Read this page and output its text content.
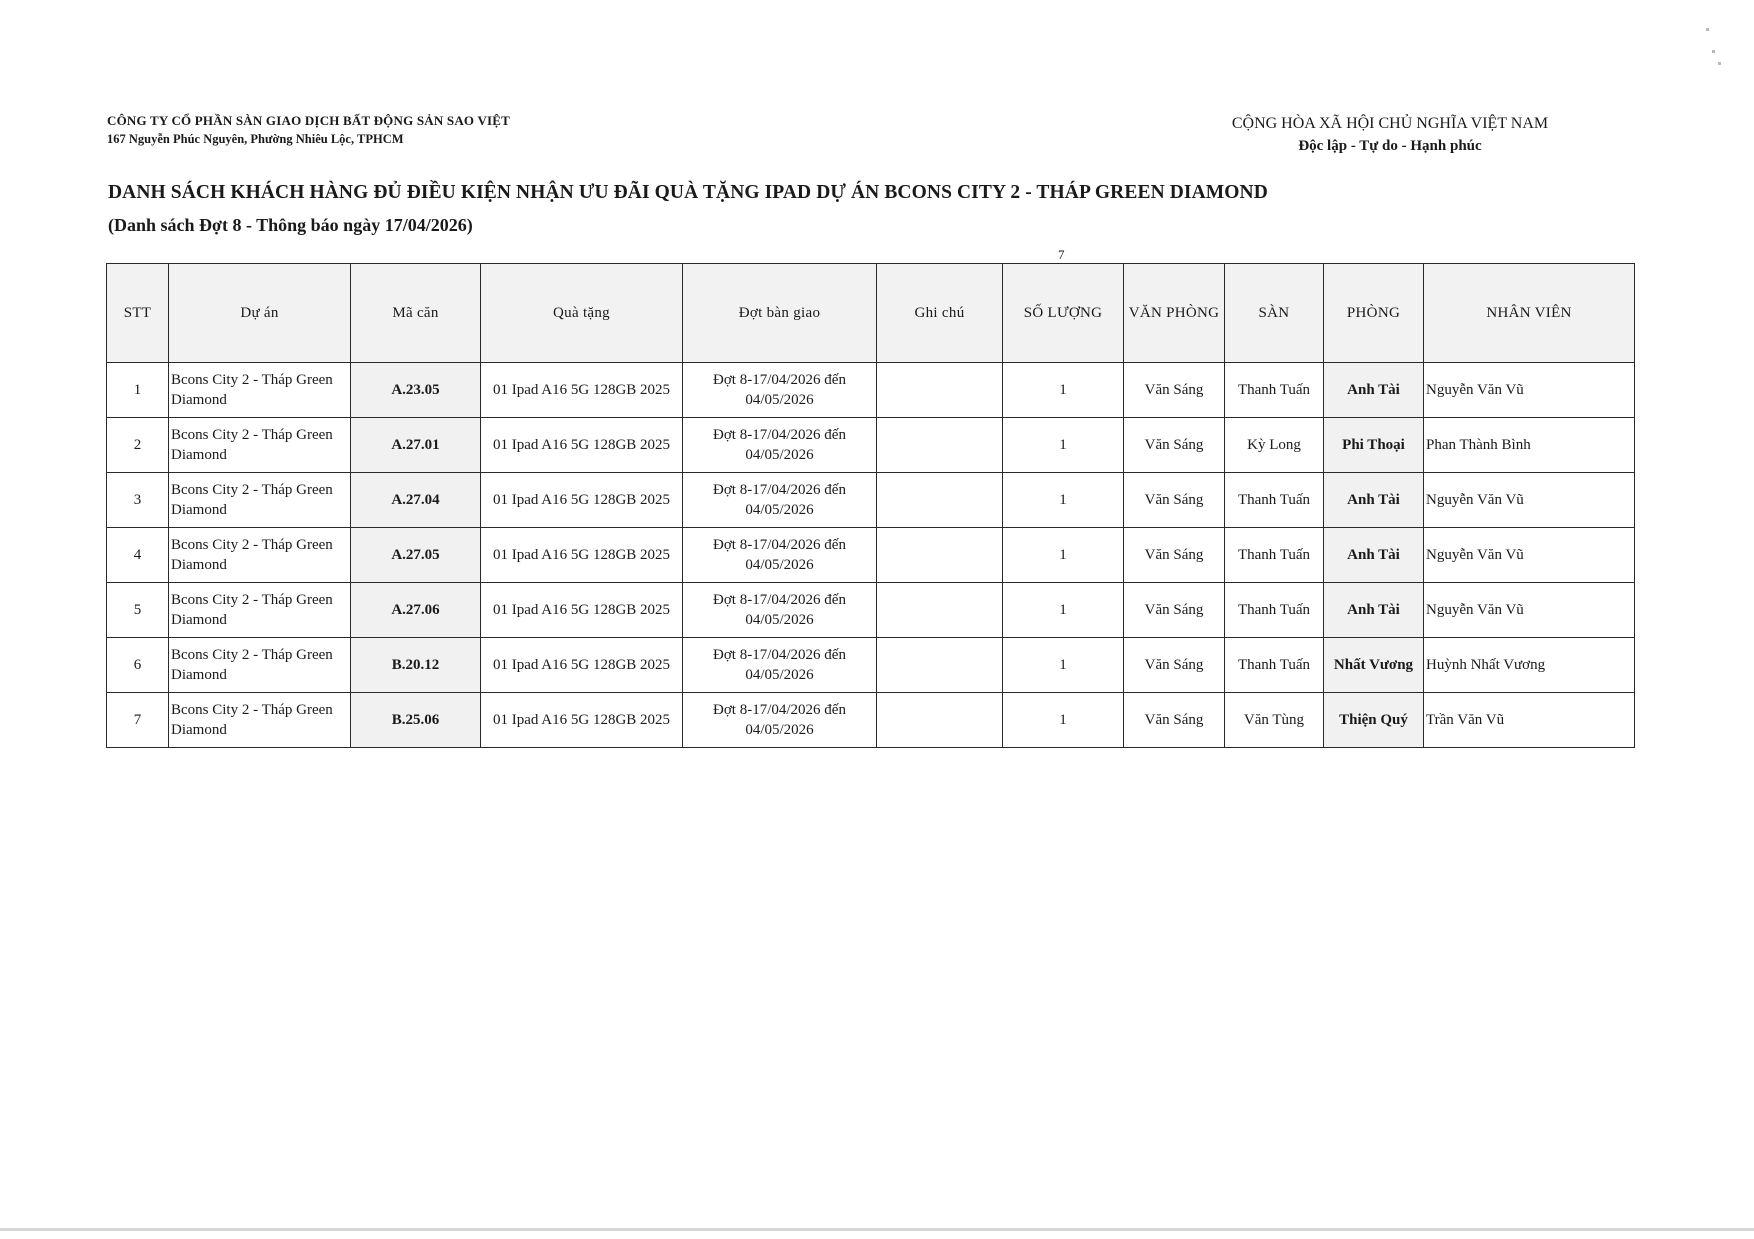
CÔNG TY CỔ PHẦN SÀN GIAO DỊCH BẤT ĐỘNG SẢN SAO VIỆT
167 Nguyễn Phúc Nguyên, Phường Nhiêu Lộc, TPHCM
CỘNG HÒA XÃ HỘI CHỦ NGHĨA VIỆT NAM
Độc lập - Tự do - Hạnh phúc
DANH SÁCH KHÁCH HÀNG ĐỦ ĐIỀU KIỆN NHẬN ƯU ĐÃI QUÀ TẶNG IPAD DỰ ÁN BCONS CITY 2 - THÁP GREEN DIAMOND
(Danh sách Đợt 8 - Thông báo ngày 17/04/2026)
7
STT	Dự án	Mã căn	Quà tặng	Đợt bàn giao	Ghi chú	SỐ LƯỢNG	VĂN PHÒNG	SÀN	PHÒNG	NHÂN VIÊN
1	Bcons City 2 - Tháp Green Diamond	A.23.05	01 Ipad A16 5G 128GB 2025	Đợt 8-17/04/2026 đến 04/05/2026		1	Văn Sáng	Thanh Tuấn	Anh Tài	Nguyễn Văn Vũ
2	Bcons City 2 - Tháp Green Diamond	A.27.01	01 Ipad A16 5G 128GB 2025	Đợt 8-17/04/2026 đến 04/05/2026		1	Văn Sáng	Kỳ Long	Phi Thoại	Phan Thành Bình
3	Bcons City 2 - Tháp Green Diamond	A.27.04	01 Ipad A16 5G 128GB 2025	Đợt 8-17/04/2026 đến 04/05/2026		1	Văn Sáng	Thanh Tuấn	Anh Tài	Nguyễn Văn Vũ
4	Bcons City 2 - Tháp Green Diamond	A.27.05	01 Ipad A16 5G 128GB 2025	Đợt 8-17/04/2026 đến 04/05/2026		1	Văn Sáng	Thanh Tuấn	Anh Tài	Nguyễn Văn Vũ
5	Bcons City 2 - Tháp Green Diamond	A.27.06	01 Ipad A16 5G 128GB 2025	Đợt 8-17/04/2026 đến 04/05/2026		1	Văn Sáng	Thanh Tuấn	Anh Tài	Nguyễn Văn Vũ
6	Bcons City 2 - Tháp Green Diamond	B.20.12	01 Ipad A16 5G 128GB 2025	Đợt 8-17/04/2026 đến 04/05/2026		1	Văn Sáng	Thanh Tuấn	Nhất Vương	Huỳnh Nhất Vương
7	Bcons City 2 - Tháp Green Diamond	B.25.06	01 Ipad A16 5G 128GB 2025	Đợt 8-17/04/2026 đến 04/05/2026		1	Văn Sáng	Văn Tùng	Thiện Quý	Trần Văn Vũ
